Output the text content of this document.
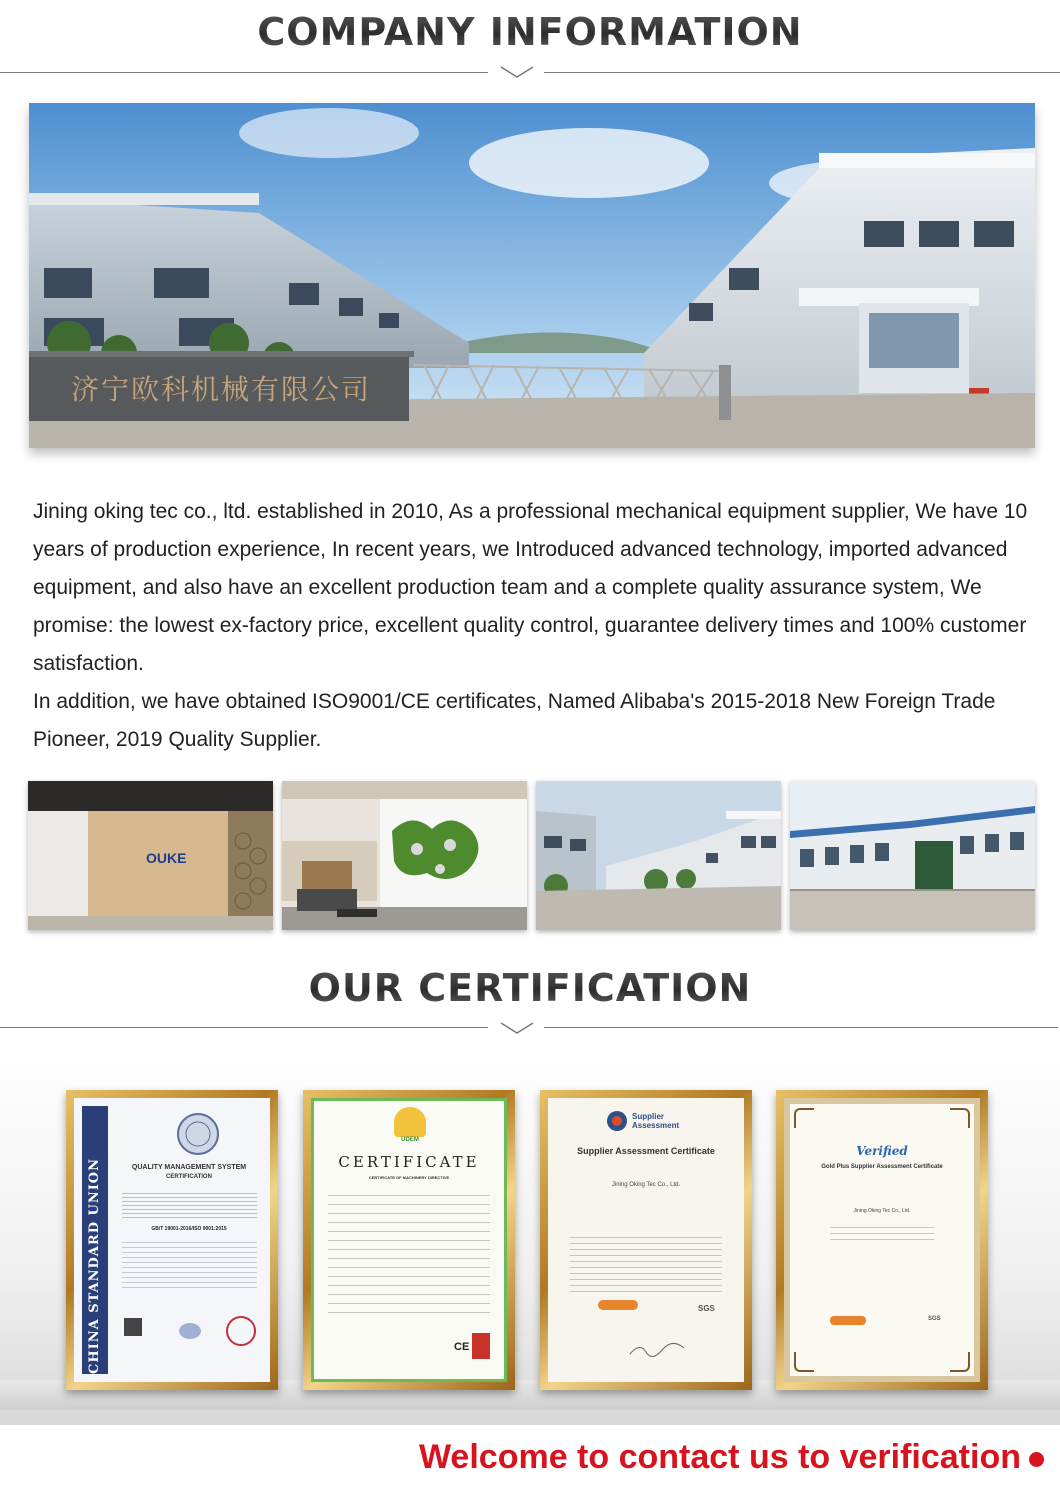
COMPANY INFORMATION
济宁欧科机械有限公司

Jining oking tec co., ltd. established in 2010, As a professional mechanical equipment supplier, We have 10 years of production experience, In recent years, we Introduced advanced technology, imported advanced equipment, and also have an excellent production team and a complete quality assurance system, We promise: the lowest ex-factory price, excellent quality control, guarantee delivery times and 100% customer satisfaction.

In addition, we have obtained ISO9001/CE certificates, Named Alibaba's 2015-2018 New Foreign Trade Pioneer, 2019 Quality Supplier.

OUKE
OUR CERTIFICATION
CHINA STANDARD UNION	QUALITY MANAGEMENT SYSTEM
CERTIFICATION
GB/T 19001-2016/ISO 9001:2015
UDEM
CERTIFICATE
CERTIFICATE OF MACHINERY DIRECTIVE
CE
Supplier Assessment
Supplier Assessment Certificate
Jining Oking Tec Co., Ltd.
SGS
Verified
Gold Plus Supplier Assessment Certificate
Jining Oking Tec Co., Ltd.
SGS
Welcome to contact us to verification
